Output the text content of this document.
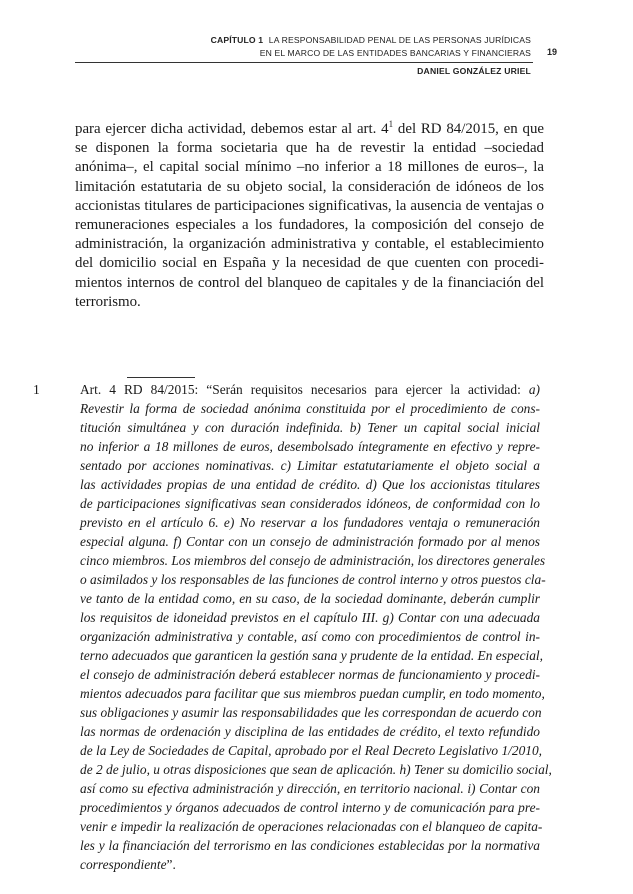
CAPÍTULO 1 LA RESPONSABILIDAD PENAL DE LAS PERSONAS JURÍDICAS
EN EL MARCO DE LAS ENTIDADES BANCARIAS Y FINANCIERAS 19
DANIEL GONZÁLEZ URIEL

para ejercer dicha actividad, debemos estar al art. $4^1$ del RD 84/2015, en que se disponen la forma societaria que ha de revestir la entidad –sociedad anónima–, el capital social mínimo –no inferior a 18 millones de euros–, la limitación estatutaria de su objeto social, la consideración de idóneos de los accionistas titulares de participaciones significativas, la ausencia de ventajas o remuneraciones especiales a los fundadores, la composición del consejo de administración, la organización administrativa y contable, el establecimiento del domicilio social en España y la necesidad de que cuenten con procedimientos internos de control del blanqueo de capitales y de la financiación del terrorismo.

1	Art. 4 RD 84/2015: “Serán requisitos necesarios para ejercer la actividad: a)
Revestir la forma de sociedad anónima constituida por el procedimiento de cons-
titución simultánea y con duración indefinida. b) Tener un capital social inicial
no inferior a 18 millones de euros, desembolsado íntegramente en efectivo y repre-
sentado por acciones nominativas. c) Limitar estatutariamente el objeto social a
las actividades propias de una entidad de crédito. d) Que los accionistas titulares
de participaciones significativas sean considerados idóneos, de conformidad con lo
previsto en el artículo 6. e) No reservar a los fundadores ventaja o remuneración
especial alguna. f) Contar con un consejo de administración formado por al menos
cinco miembros. Los miembros del consejo de administración, los directores generales
o asimilados y los responsables de las funciones de control interno y otros puestos cla-
ve tanto de la entidad como, en su caso, de la sociedad dominante, deberán cumplir
los requisitos de idoneidad previstos en el capítulo III. g) Contar con una adecuada
organización administrativa y contable, así como con procedimientos de control in-
terno adecuados que garanticen la gestión sana y prudente de la entidad. En especial,
el consejo de administración deberá establecer normas de funcionamiento y procedi-
mientos adecuados para facilitar que sus miembros puedan cumplir, en todo momento,
sus obligaciones y asumir las responsabilidades que les correspondan de acuerdo con
las normas de ordenación y disciplina de las entidades de crédito, el texto refundido
de la Ley de Sociedades de Capital, aprobado por el Real Decreto Legislativo 1/2010,
de 2 de julio, u otras disposiciones que sean de aplicación. h) Tener su domicilio social,
así como su efectiva administración y dirección, en territorio nacional. i) Contar con
procedimientos y órganos adecuados de control interno y de comunicación para pre-
venir e impedir la realización de operaciones relacionadas con el blanqueo de capita-
les y la financiación del terrorismo en las condiciones establecidas por la normativa
correspondiente”.
